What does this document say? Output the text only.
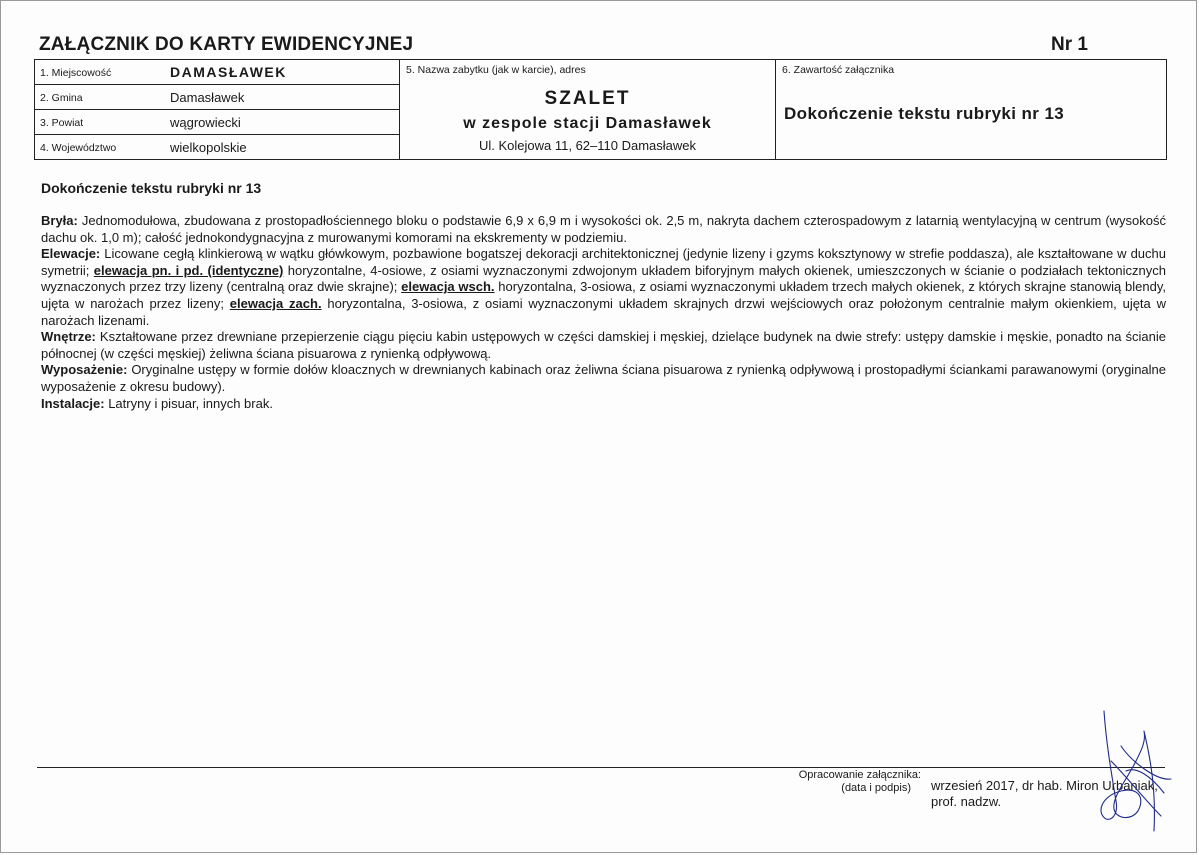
ZAŁĄCZNIK DO KARTY EWIDENCYJNEJ	Nr 1
1. Miejscowość	DAMASŁAWEK
2. Gmina	Damasławek
3. Powiat	wągrowiecki
4. Województwo	wielkopolskie
5. Nazwa zabytku (jak w karcie), adres
SZALET
w zespole stacji Damasławek
Ul. Kolejowa 11, 62–110 Damasławek
6. Zawartość załącznika
Dokończenie tekstu rubryki nr 13
Dokończenie tekstu rubryki nr 13

Bryła: Jednomodułowa, zbudowana z prostopadłościennego bloku o podstawie 6,9 x 6,9 m i wysokości ok. 2,5 m, nakryta dachem czterospadowym z latarnią wentylacyjną w centrum (wysokość dachu ok. 1,0 m); całość jednokondygnacyjna z murowanymi komorami na ekskrementy w podziemiu.

Elewacje: Licowane cegłą klinkierową w wątku główkowym, pozbawione bogatszej dekoracji architektonicznej (jedynie lizeny i gzyms koksztynowy w strefie poddasza), ale kształtowane w duchu symetrii; elewacja pn. i pd. (identyczne) horyzontalne, 4-osiowe, z osiami wyznaczonymi zdwojonym układem biforyjnym małych okienek, umieszczonych w ścianie o podziałach tektonicznych wyznaczonych przez trzy lizeny (centralną oraz dwie skrajne); elewacja wsch. horyzontalna, 3-osiowa, z osiami wyznaczonymi układem trzech małych okienek, z których skrajne stanowią blendy, ujęta w narożach przez lizeny; elewacja zach. horyzontalna, 3-osiowa, z osiami wyznaczonymi układem skrajnych drzwi wejściowych oraz położonym centralnie małym okienkiem, ujęta w narożach lizenami.

Wnętrze: Kształtowane przez drewniane przepierzenie ciągu pięciu kabin ustępowych w części damskiej i męskiej, dzielące budynek na dwie strefy: ustępy damskie i męskie, ponadto na ścianie północnej (w części męskiej) żeliwna ściana pisuarowa z rynienką odpływową.

Wyposażenie: Oryginalne ustępy w formie dołów kloacznych w drewnianych kabinach oraz żeliwna ściana pisuarowa z rynienką odpływową i prostopadłymi ściankami parawanowymi (oryginalne wyposażenie z okresu budowy).

Instalacje: Latryny i pisuar, innych brak.

Opracowanie załącznika:
(data i podpis)	wrzesień 2017, dr hab. Miron Urbaniak,
prof. nadzw.
